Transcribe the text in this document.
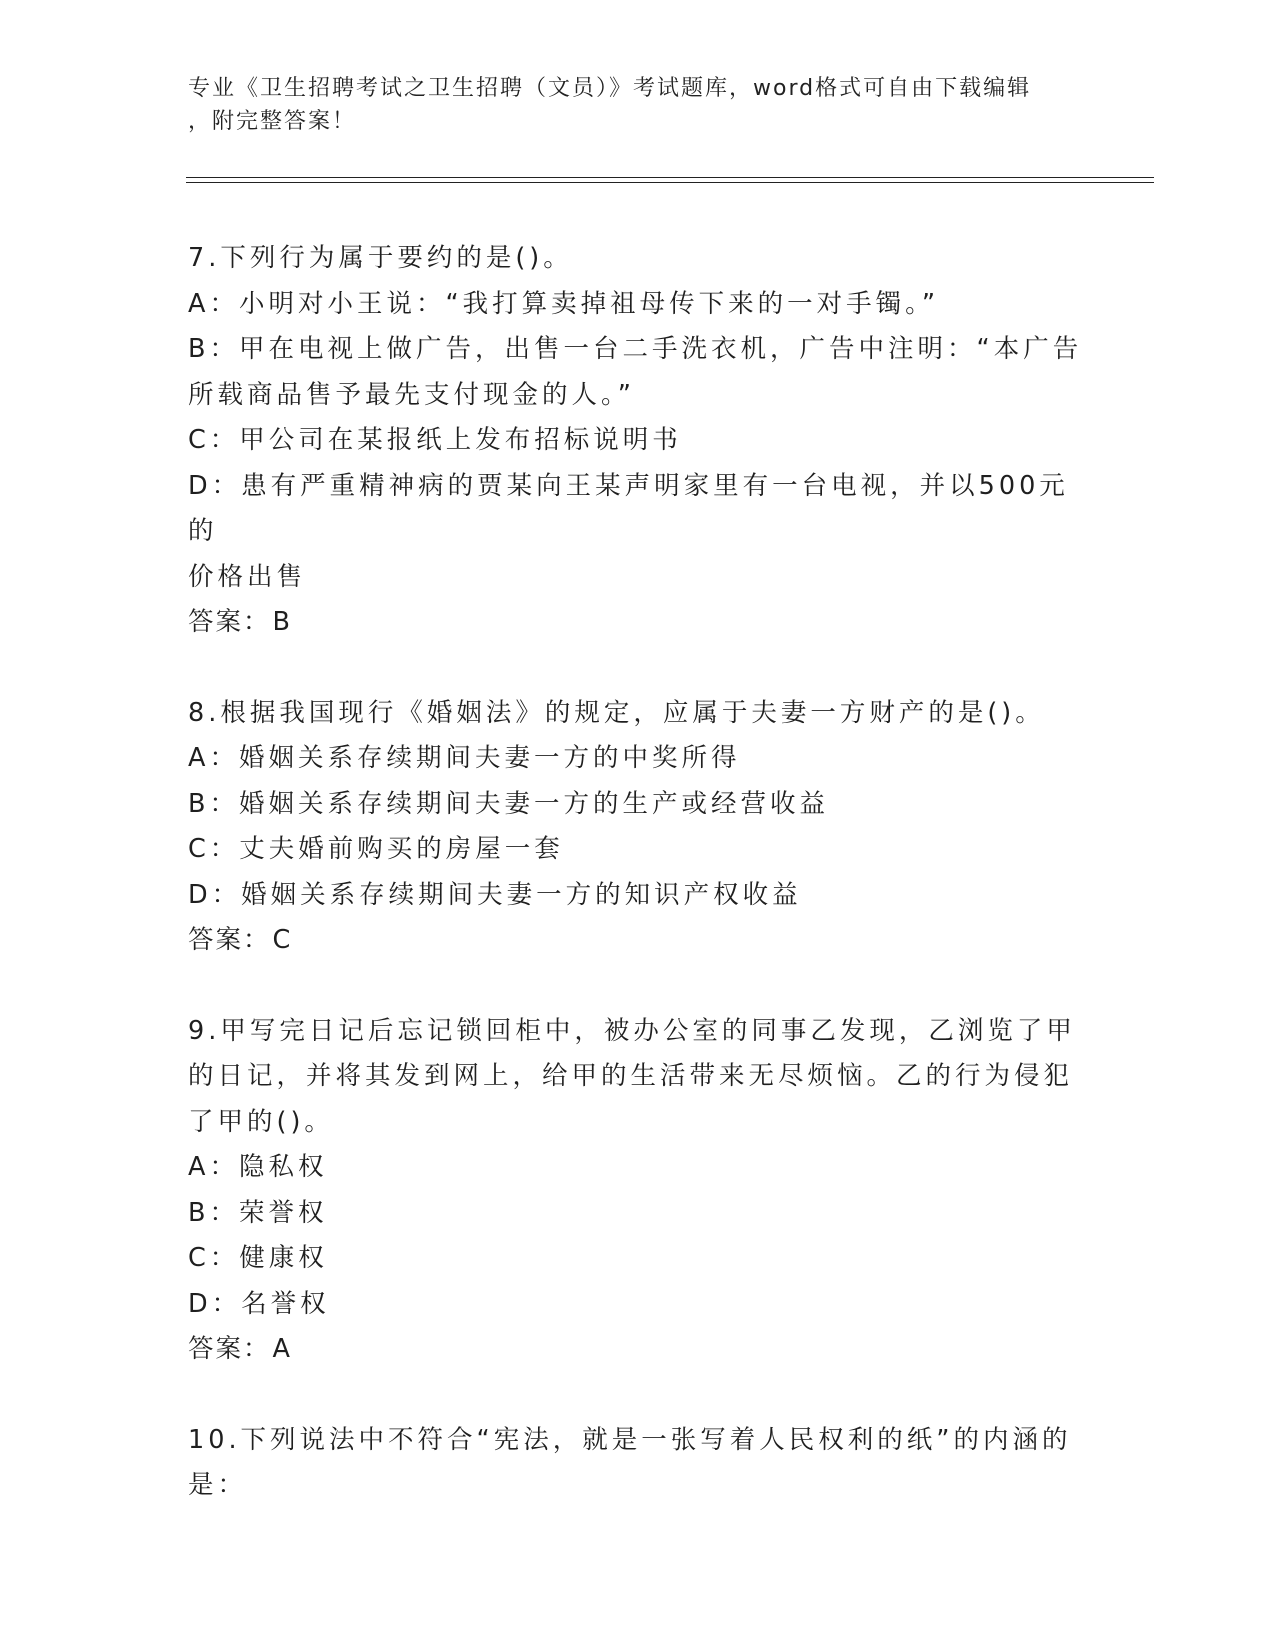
专业《卫生招聘考试之卫生招聘（文员）》考试题库，word格式可自由下载编辑
，附完整答案！
7.下列行为属于要约的是()。
A：小明对小王说：“我打算卖掉祖母传下来的一对手镯。”
B：甲在电视上做广告，出售一台二手洗衣机，广告中注明：“本广告
所载商品售予最先支付现金的人。”
C：甲公司在某报纸上发布招标说明书
D：患有严重精神病的贾某向王某声明家里有一台电视，并以500元的
价格出售
答案：B
8.根据我国现行《婚姻法》的规定，应属于夫妻一方财产的是()。
A：婚姻关系存续期间夫妻一方的中奖所得
B：婚姻关系存续期间夫妻一方的生产或经营收益
C：丈夫婚前购买的房屋一套
D：婚姻关系存续期间夫妻一方的知识产权收益
答案：C
9.甲写完日记后忘记锁回柜中，被办公室的同事乙发现，乙浏览了甲
的日记，并将其发到网上，给甲的生活带来无尽烦恼。乙的行为侵犯
了甲的()。
A：隐私权
B：荣誉权
C：健康权
D：名誉权
答案：A
10.下列说法中不符合“宪法，就是一张写着人民权利的纸”的内涵的
是：
